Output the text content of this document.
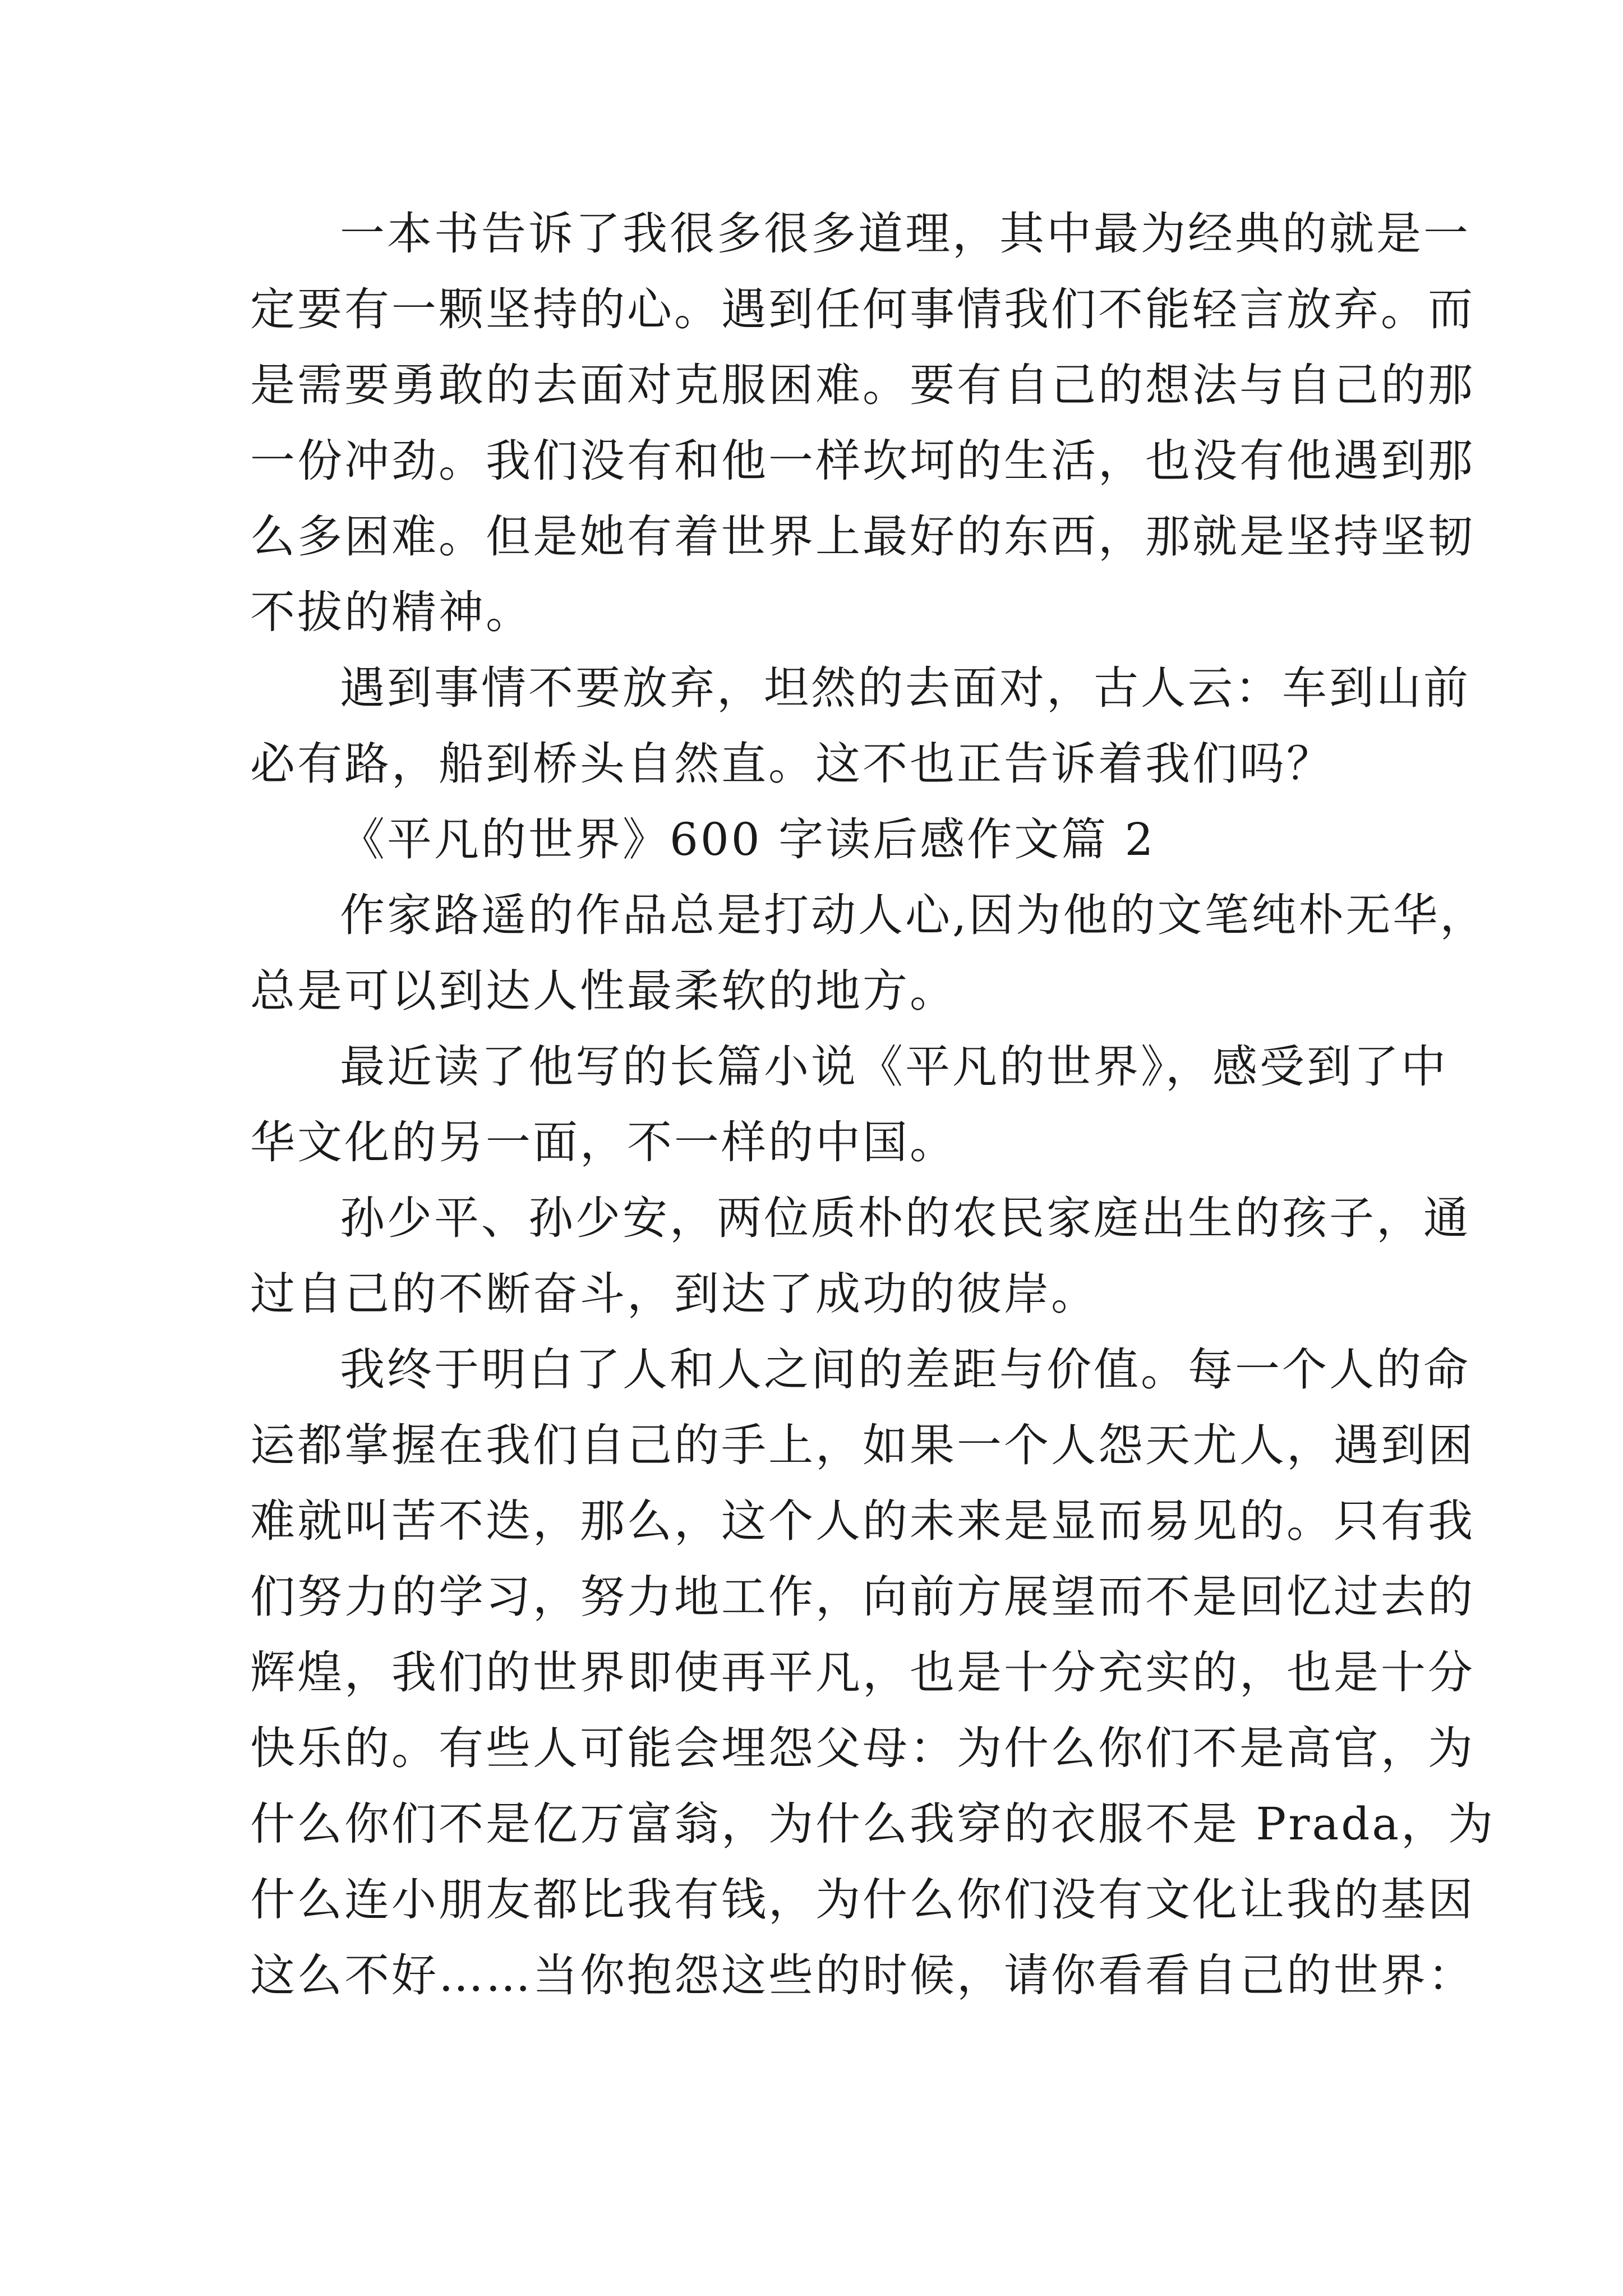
一本书告诉了我很多很多道理，其中最为经典的就是一
定要有一颗坚持的心。遇到任何事情我们不能轻言放弃。而
是需要勇敢的去面对克服困难。要有自己的想法与自己的那
一份冲劲。我们没有和他一样坎坷的生活，也没有他遇到那
么多困难。但是她有着世界上最好的东西，那就是坚持坚韧
不拔的精神。
遇到事情不要放弃，坦然的去面对，古人云：车到山前
必有路，船到桥头自然直。这不也正告诉着我们吗？
《平凡的世界》600 字读后感作文篇 2
作家路遥的作品总是打动人心,因为他的文笔纯朴无华，
总是可以到达人性最柔软的地方。
最近读了他写的长篇小说《平凡的世界》，感受到了中
华文化的另一面，不一样的中国。
孙少平、孙少安，两位质朴的农民家庭出生的孩子，通
过自己的不断奋斗，到达了成功的彼岸。
我终于明白了人和人之间的差距与价值。每一个人的命
运都掌握在我们自己的手上，如果一个人怨天尤人，遇到困
难就叫苦不迭，那么，这个人的未来是显而易见的。只有我
们努力的学习，努力地工作，向前方展望而不是回忆过去的
辉煌，我们的世界即使再平凡，也是十分充实的，也是十分
快乐的。有些人可能会埋怨父母：为什么你们不是高官，为
什么你们不是亿万富翁，为什么我穿的衣服不是 Prada，为
什么连小朋友都比我有钱，为什么你们没有文化让我的基因
这么不好……当你抱怨这些的时候，请你看看自己的世界：
